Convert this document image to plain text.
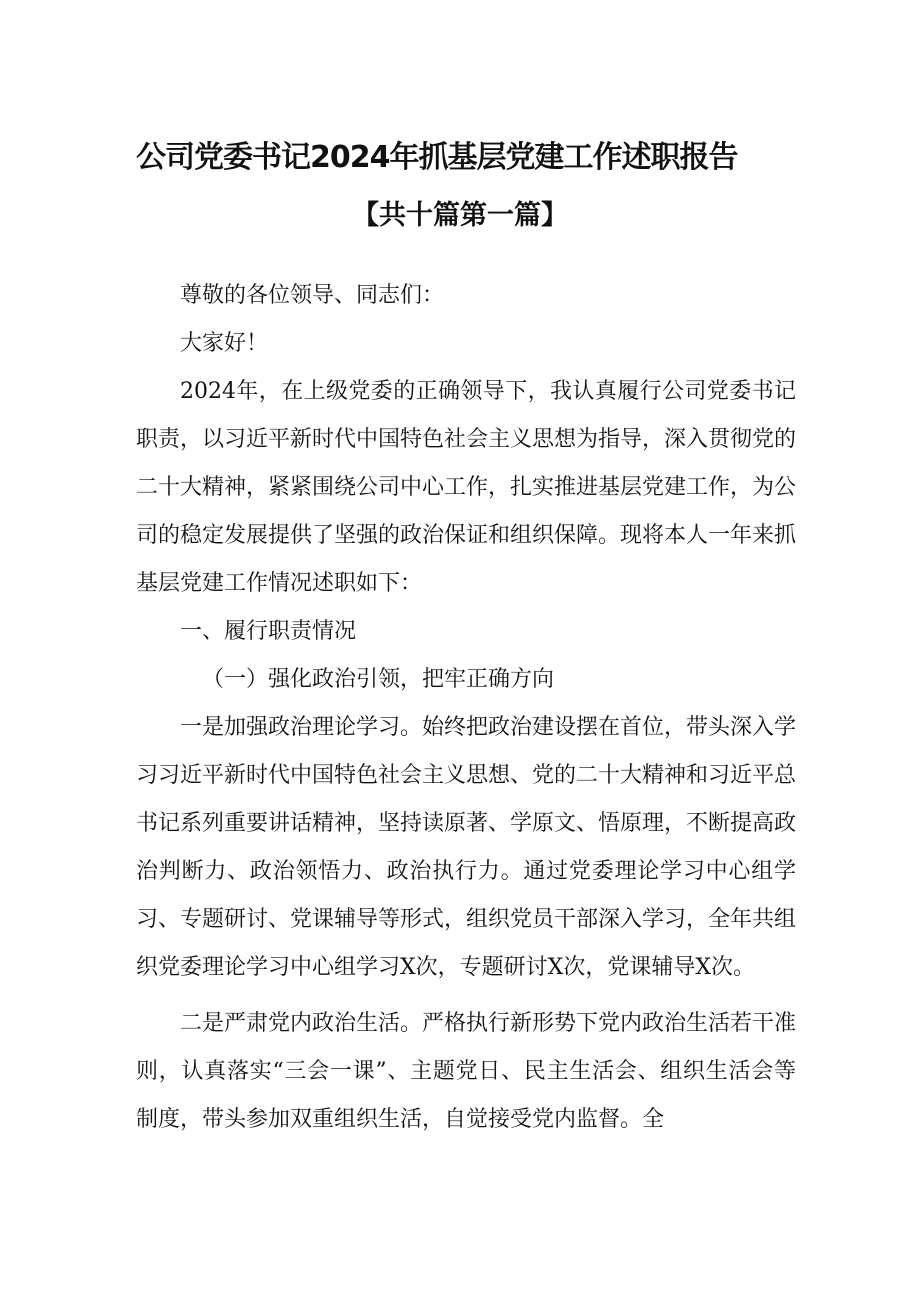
公司党委书记2024年抓基层党建工作述职报告
【共十篇第一篇】

尊敬的各位领导、同志们：

大家好！

2024年，在上级党委的正确领导下，我认真履行公司党委书记职责，以习近平新时代中国特色社会主义思想为指导，深入贯彻党的二十大精神，紧紧围绕公司中心工作，扎实推进基层党建工作，为公司的稳定发展提供了坚强的政治保证和组织保障。现将本人一年来抓基层党建工作情况述职如下：

一、履行职责情况

（一）强化政治引领，把牢正确方向

一是加强政治理论学习。始终把政治建设摆在首位，带头深入学习习近平新时代中国特色社会主义思想、党的二十大精神和习近平总书记系列重要讲话精神，坚持读原著、学原文、悟原理，不断提高政治判断力、政治领悟力、政治执行力。通过党委理论学习中心组学习、专题研讨、党课辅导等形式，组织党员干部深入学习，全年共组织党委理论学习中心组学习X次，专题研讨X次，党课辅导X次。

二是严肃党内政治生活。严格执行新形势下党内政治生活若干准则，认真落实“三会一课”、主题党日、民主生活会、组织生活会等制度，带头参加双重组织生活，自觉接受党内监督。全
